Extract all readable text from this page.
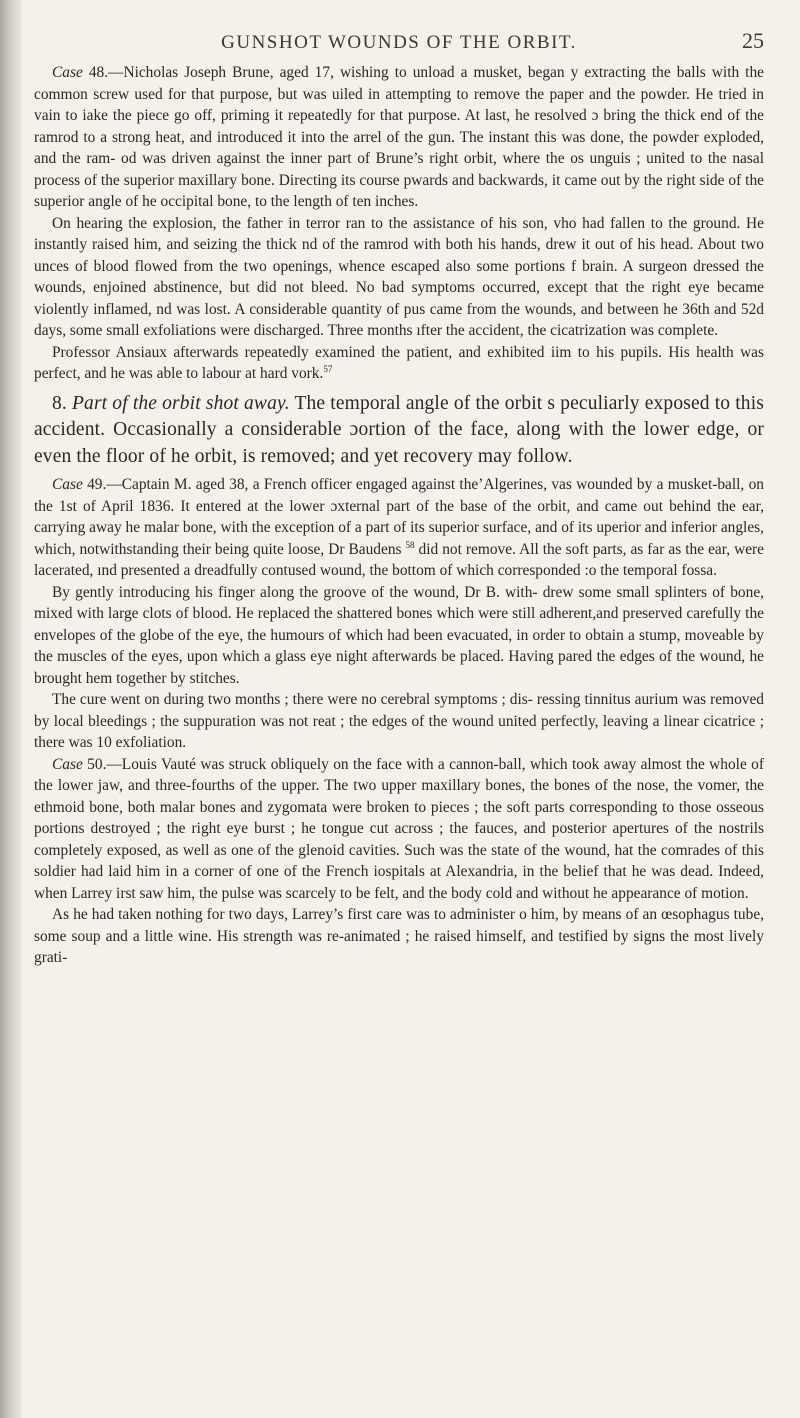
GUNSHOT WOUNDS OF THE ORBIT.	25

Case 48.—Nicholas Joseph Brune, aged 17, wishing to unload a musket, began y extracting the balls with the common screw used for that purpose, but was uiled in attempting to remove the paper and the powder. He tried in vain to iake the piece go off, priming it repeatedly for that purpose. At last, he resolved ɔ bring the thick end of the ramrod to a strong heat, and introduced it into the arrel of the gun. The instant this was done, the powder exploded, and the ram- od was driven against the inner part of Brune’s right orbit, where the os unguis ; united to the nasal process of the superior maxillary bone. Directing its course pwards and backwards, it came out by the right side of the superior angle of he occipital bone, to the length of ten inches.

On hearing the explosion, the father in terror ran to the assistance of his son, vho had fallen to the ground. He instantly raised him, and seizing the thick nd of the ramrod with both his hands, drew it out of his head. About two unces of blood flowed from the two openings, whence escaped also some portions f brain. A surgeon dressed the wounds, enjoined abstinence, but did not bleed. No bad symptoms occurred, except that the right eye became violently inflamed, nd was lost. A considerable quantity of pus came from the wounds, and between he 36th and 52d days, some small exfoliations were discharged. Three months ıfter the accident, the cicatrization was complete.

Professor Ansiaux afterwards repeatedly examined the patient, and exhibited iim to his pupils. His health was perfect, and he was able to labour at hard vork.$^{57}$

8. Part of the orbit shot away. The temporal angle of the orbit s peculiarly exposed to this accident. Occasionally a considerable ɔortion of the face, along with the lower edge, or even the floor of he orbit, is removed; and yet recovery may follow.

Case 49.—Captain M. aged 38, a French officer engaged against the’Algerines, vas wounded by a musket-ball, on the 1st of April 1836. It entered at the lower ɔxternal part of the base of the orbit, and came out behind the ear, carrying away he malar bone, with the exception of a part of its superior surface, and of its uperior and inferior angles, which, notwithstanding their being quite loose, Dr Baudens $^{58}$ did not remove. All the soft parts, as far as the ear, were lacerated, ınd presented a dreadfully contused wound, the bottom of which corresponded :o the temporal fossa.

By gently introducing his finger along the groove of the wound, Dr B. with- drew some small splinters of bone, mixed with large clots of blood. He replaced the shattered bones which were still adherent,and preserved carefully the envelopes of the globe of the eye, the humours of which had been evacuated, in order to obtain a stump, moveable by the muscles of the eyes, upon which a glass eye night afterwards be placed. Having pared the edges of the wound, he brought hem together by stitches.

The cure went on during two months ; there were no cerebral symptoms ; dis- ressing tinnitus aurium was removed by local bleedings ; the suppuration was not reat ; the edges of the wound united perfectly, leaving a linear cicatrice ; there was 10 exfoliation.

Case 50.—Louis Vauté was struck obliquely on the face with a cannon-ball, which took away almost the whole of the lower jaw, and three-fourths of the upper. The two upper maxillary bones, the bones of the nose, the vomer, the ethmoid bone, both malar bones and zygomata were broken to pieces ; the soft parts corresponding to those osseous portions destroyed ; the right eye burst ; he tongue cut across ; the fauces, and posterior apertures of the nostrils completely exposed, as well as one of the glenoid cavities. Such was the state of the wound, hat the comrades of this soldier had laid him in a corner of one of the French iospitals at Alexandria, in the belief that he was dead. Indeed, when Larrey irst saw him, the pulse was scarcely to be felt, and the body cold and without he appearance of motion.

As he had taken nothing for two days, Larrey’s first care was to administer o him, by means of an œsophagus tube, some soup and a little wine. His strength was re-animated ; he raised himself, and testified by signs the most lively grati-
